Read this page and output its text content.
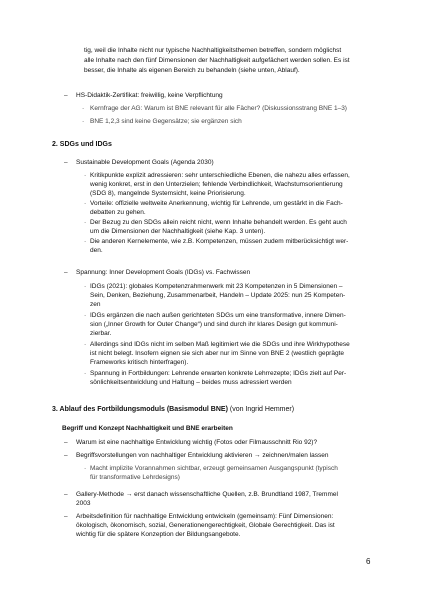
tig, weil die Inhalte nicht nur typische Nachhaltigkeitsthemen betreffen, sondern möglichst
alle Inhalte nach den fünf Dimensionen der Nachhaltigkeit aufgefächert werden sollen. Es ist
besser, die Inhalte als eigenen Bereich zu behandeln (siehe unten, Ablauf).
– HS-Didaktik-Zertifikat: freiwillig, keine Verpflichtung
· Kernfrage der AG: Warum ist BNE relevant für alle Fächer? (Diskussionsstrang BNE 1–3)
· BNE 1,2,3 sind keine Gegensätze; sie ergänzen sich
2. SDGs und IDGs
– Sustainable Development Goals (Agenda 2030)
· Kritikpunkte explizit adressieren: sehr unterschiedliche Ebenen, die nahezu alles erfassen,
wenig konkret, erst in den Unterzielen; fehlende Verbindlichkeit, Wachstumsorientierung
(SDG 8), mangelnde Systemsicht, keine Priorisierung.
· Vorteile: offizielle weltweite Anerkennung, wichtig für Lehrende, um gestärkt in die Fach-
debatten zu gehen.
· Der Bezug zu den SDGs allein reicht nicht, wenn Inhalte behandelt werden. Es geht auch
um die Dimensionen der Nachhaltigkeit (siehe Kap. 3 unten).
· Die anderen Kernelemente, wie z.B. Kompetenzen, müssen zudem mitberücksichtigt wer-
den.
– Spannung: Inner Development Goals (IDGs) vs. Fachwissen
· IDGs (2021): globales Kompetenzrahmenwerk mit 23 Kompetenzen in 5 Dimensionen –
Sein, Denken, Beziehung, Zusammenarbeit, Handeln – Update 2025: nun 25 Kompeten-
zen
· IDGs ergänzen die nach außen gerichteten SDGs um eine transformative, innere Dimen-
sion („Inner Growth for Outer Change“) und sind durch ihr klares Design gut kommuni-
zierbar.
· Allerdings sind IDGs nicht im selben Maß legitimiert wie die SDGs und ihre Wirkhypothese
ist nicht belegt. Insofern eignen sie sich aber nur im Sinne von BNE 2 (westlich geprägte
Frameworks kritisch hinterfragen).
· Spannung in Fortbildungen: Lehrende erwarten konkrete Lehrrezepte; IDGs zielt auf Per-
sönlichkeitsentwicklung und Haltung – beides muss adressiert werden
3. Ablauf des Fortbildungsmoduls (Basismodul BNE) (von Ingrid Hemmer)
Begriff und Konzept Nachhaltigkeit und BNE erarbeiten
– Warum ist eine nachhaltige Entwicklung wichtig (Fotos oder Filmausschnitt Rio 92)?
– Begriffsvorstellungen von nachhaltiger Entwicklung aktivieren → zeichnen/malen lassen
· Macht implizite Vorannahmen sichtbar, erzeugt gemeinsamen Ausgangspunkt (typisch
für transformative Lehrdesigns)
– Gallery-Methode → erst danach wissenschaftliche Quellen, z.B. Brundtland 1987, Tremmel
2003
– Arbeitsdefinition für nachhaltige Entwicklung entwickeln (gemeinsam): Fünf Dimensionen:
ökologisch, ökonomisch, sozial, Generationengerechtigkeit, Globale Gerechtigkeit. Das ist
wichtig für die spätere Konzeption der Bildungsangebote.
6
